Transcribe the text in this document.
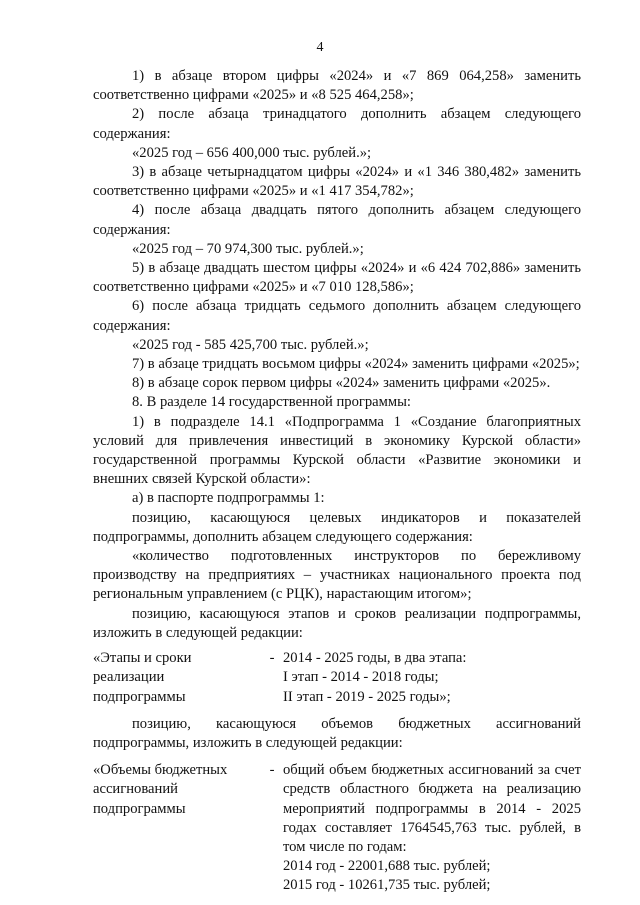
4

1) в абзаце втором цифры «2024» и «7 869 064,258» заменить соответственно цифрами «2025» и «8 525 464,258»;

2) после абзаца тринадцатого дополнить абзацем следующего содержания:

«2025 год – 656 400,000 тыс. рублей.»;

3) в абзаце четырнадцатом цифры «2024» и «1 346 380,482» заменить соответственно цифрами «2025» и «1 417 354,782»;

4) после абзаца двадцать пятого дополнить абзацем следующего содержания:

«2025 год – 70 974,300 тыс. рублей.»;

5) в абзаце двадцать шестом цифры «2024» и «6 424 702,886» заменить соответственно цифрами «2025» и «7 010 128,586»;

6) после абзаца тридцать седьмого дополнить абзацем следующего содержания:

«2025 год - 585 425,700 тыс. рублей.»;

7) в абзаце тридцать восьмом цифры «2024» заменить цифрами «2025»;

8) в абзаце сорок первом цифры «2024» заменить цифрами «2025».

8. В разделе 14 государственной программы:

1) в подразделе 14.1 «Подпрограмма 1 «Создание благоприятных условий для привлечения инвестиций в экономику Курской области» государственной программы Курской области «Развитие экономики и внешних связей Курской области»:

а) в паспорте подпрограммы 1:

позицию, касающуюся целевых индикаторов и показателей подпрограммы, дополнить абзацем следующего содержания:

«количество подготовленных инструкторов по бережливому производству на предприятиях – участниках национального проекта под региональным управлением (с РЦК), нарастающим итогом»;

позицию, касающуюся этапов и сроков реализации подпрограммы, изложить в следующей редакции:

«Этапы и сроки
реализации
подпрограммы
- 2014 - 2025 годы, в два этапа:
I этап - 2014 - 2018 годы;
II этап - 2019 - 2025 годы»;

позицию, касающуюся объемов бюджетных ассигнований подпрограммы, изложить в следующей редакции:

«Объемы бюджетных
ассигнований
подпрограммы
- общий объем бюджетных ассигнований за счет средств областного бюджета на реализацию мероприятий подпрограммы в 2014 - 2025 годах составляет 1764545,763 тыс. рублей, в том числе по годам:
2014 год - 22001,688 тыс. рублей;
2015 год - 10261,735 тыс. рублей;
